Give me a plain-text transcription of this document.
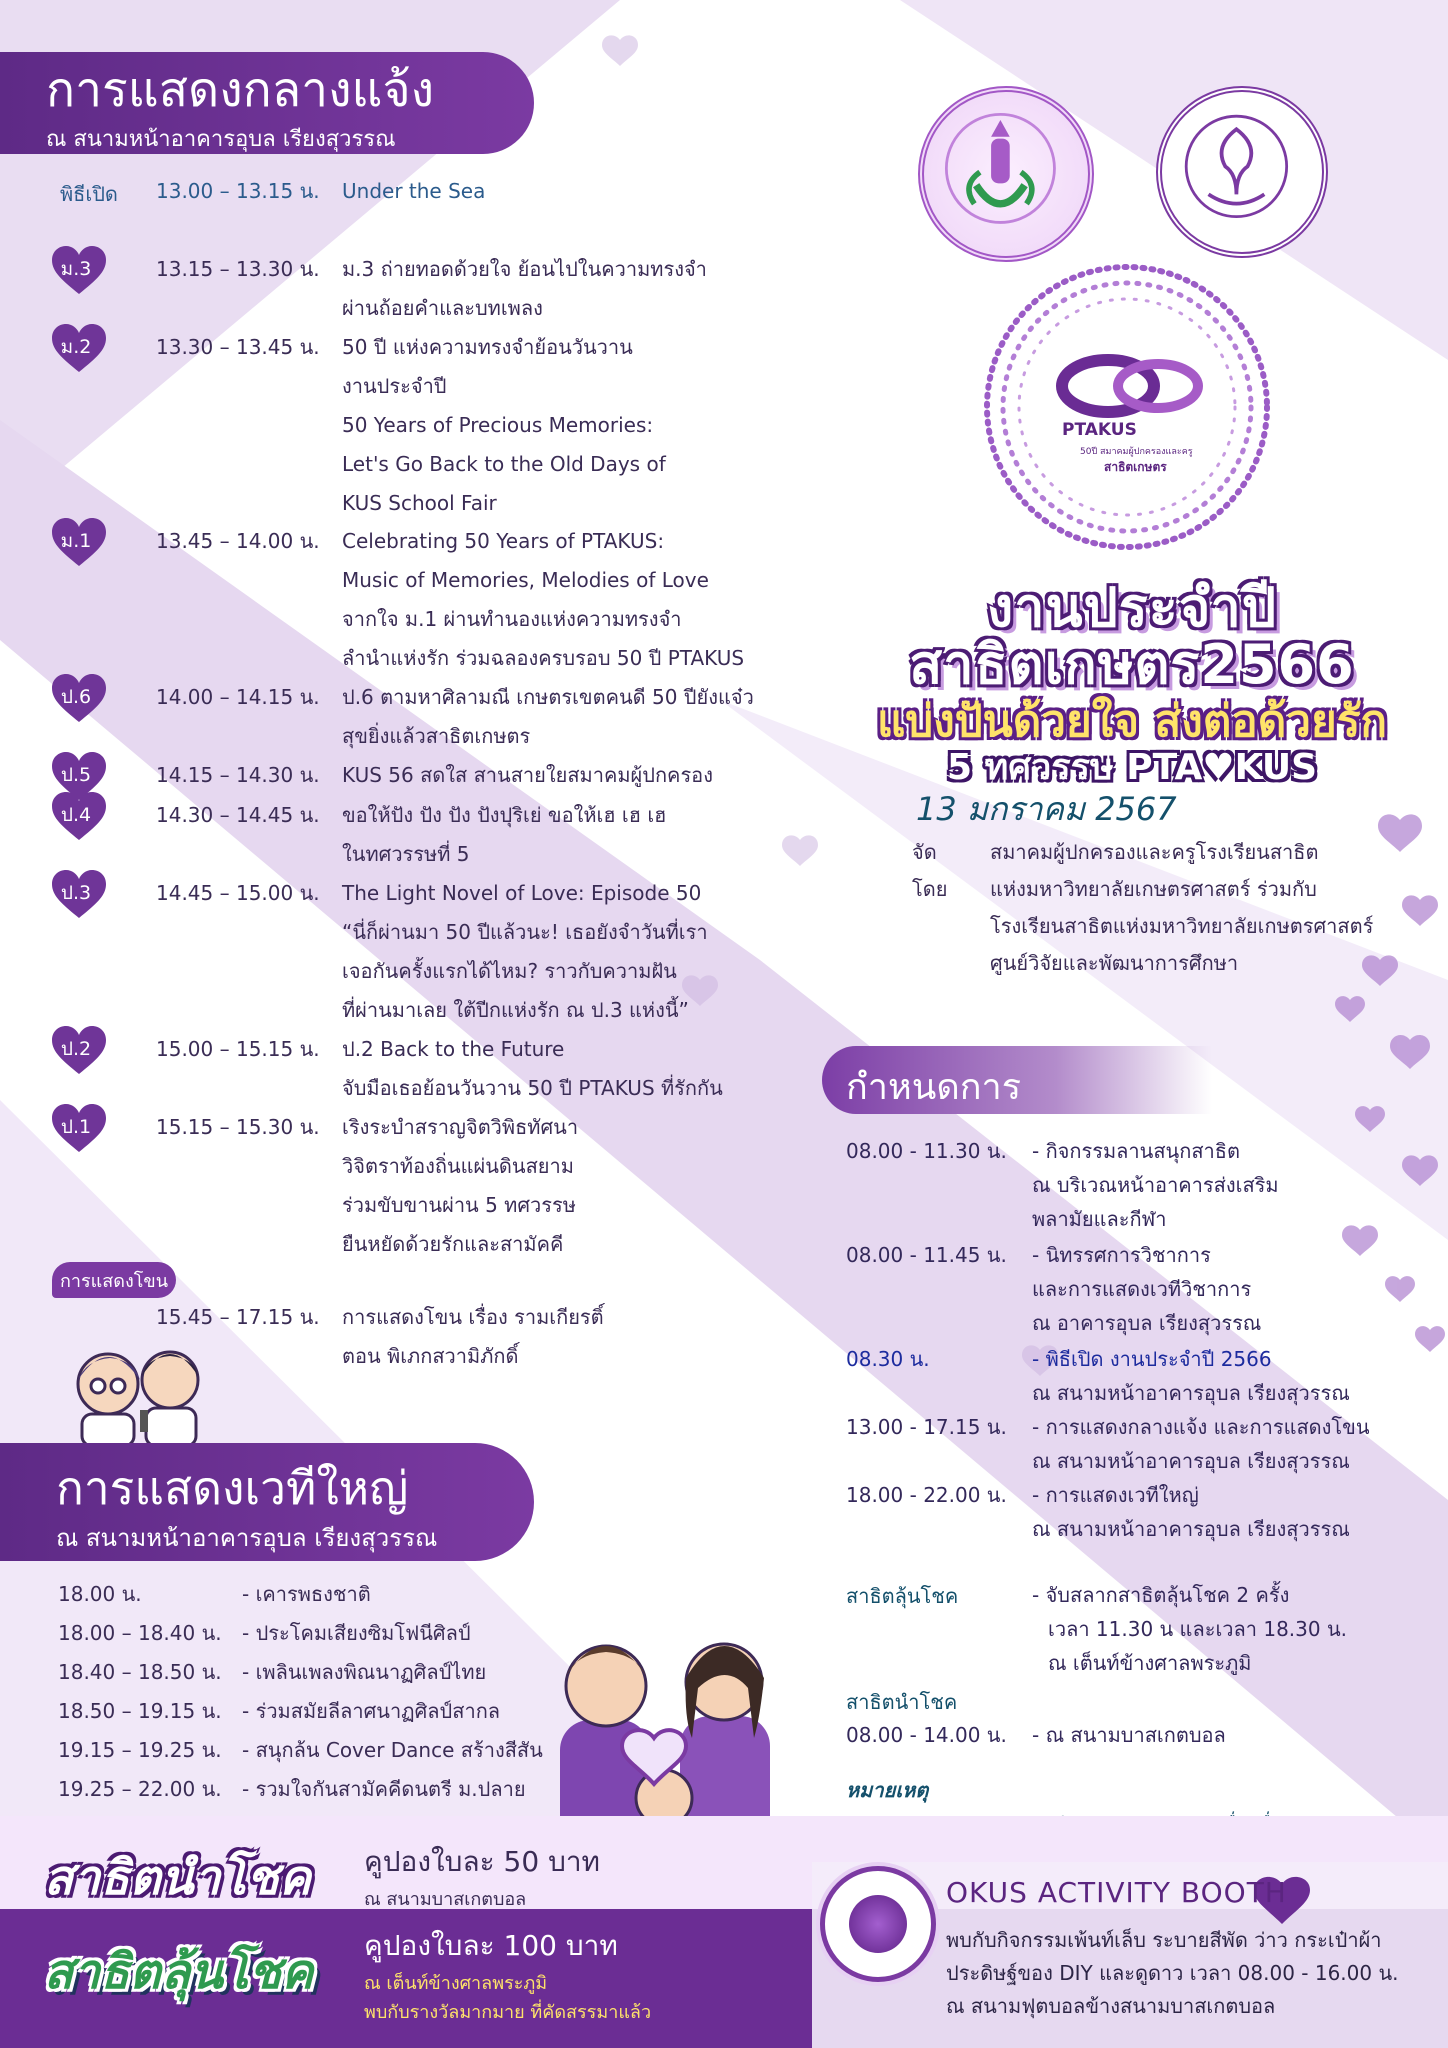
การแสดงกลางแจ้ง
ณ สนามหน้าอาคารอุบล เรียงสุวรรณ
พิธีเปิด 13.00 – 13.15 น. Under the Sea
ม.3	13.15 – 13.30 น. ม.3 ถ่ายทอดด้วยใจ ย้อนไปในความทรงจำ
ผ่านถ้อยคำและบทเพลง
ม.2	13.30 – 13.45 น. 50 ปี แห่งความทรงจำย้อนวันวาน
งานประจำปี
50 Years of Precious Memories:
Let's Go Back to the Old Days of
KUS School Fair
ม.1	13.45 – 14.00 น. Celebrating 50 Years of PTAKUS:
Music of Memories, Melodies of Love
จากใจ ม.1 ผ่านทำนองแห่งความทรงจำ
ลำนำแห่งรัก ร่วมฉลองครบรอบ 50 ปี PTAKUS
ป.6	14.00 – 14.15 น. ป.6 ตามหาศิลามณี เกษตรเขตคนดี 50 ปียังแจ๋ว
สุขยิ่งแล้วสาธิตเกษตร
ป.5	14.15 – 14.30 น. KUS 56 สดใส สานสายใยสมาคมผู้ปกครอง
ป.4	14.30 – 14.45 น. ขอให้ปัง ปัง ปัง ปังปุริเย่ ขอให้เฮ เฮ เฮ
ในทศวรรษที่ 5
ป.3	14.45 – 15.00 น. The Light Novel of Love: Episode 50
“นี่ก็ผ่านมา 50 ปีแล้วนะ! เธอยังจำวันที่เรา
เจอกันครั้งแรกได้ไหม? ราวกับความฝัน
ที่ผ่านมาเลย ใต้ปีกแห่งรัก ณ ป.3 แห่งนี้”
ป.2	15.00 – 15.15 น. ป.2 Back to the Future
จับมือเธอย้อนวันวาน 50 ปี PTAKUS ที่รักกัน
ป.1	15.15 – 15.30 น. เริงระบำสราญจิตวิพิธทัศนา
วิจิตราท้องถิ่นแผ่นดินสยาม
ร่วมขับขานผ่าน 5 ทศวรรษ
ยืนหยัดด้วยรักและสามัคคี
การแสดงโขน
15.45 – 17.15 น. การแสดงโขน เรื่อง รามเกียรติ์
ตอน พิเภกสวามิภักดิ์
การแสดงเวทีใหญ่
ณ สนามหน้าอาคารอุบล เรียงสุวรรณ
18.00 น.	- เคารพธงชาติ
18.00 – 18.40 น. - ประโคมเสียงซิมโฟนีศิลป์
18.40 – 18.50 น. - เพลินเพลงพิณนาฏศิลป์ไทย
18.50 – 19.15 น. - ร่วมสมัยลีลาศนาฏศิลป์สากล
19.15 – 19.25 น. - สนุกล้น Cover Dance สร้างสีสัน
19.25 – 22.00 น. - รวมใจกันสามัคคีดนตรี ม.ปลาย
PTAKUS
50ปี สมาคมผู้ปกครองและครู
สาธิตเกษตร
งานประจำปี
สาธิตเกษตร2566
แบ่งปันด้วยใจ ส่งต่อด้วยรัก
5 ทศวรรษ PTA♥KUS
13 มกราคม 2567
จัดโดย
สมาคมผู้ปกครองและครูโรงเรียนสาธิต
แห่งมหาวิทยาลัยเกษตรศาสตร์ ร่วมกับ
โรงเรียนสาธิตแห่งมหาวิทยาลัยเกษตรศาสตร์
ศูนย์วิจัยและพัฒนาการศึกษา
กำหนดการ
08.00 - 11.30 น. - กิจกรรมลานสนุกสาธิต
ณ บริเวณหน้าอาคารส่งเสริม
พลามัยและกีฬา
08.00 - 11.45 น. - นิทรรศการวิชาการ
และการแสดงเวทีวิชาการ
ณ อาคารอุบล เรียงสุวรรณ
08.30 น.	- พิธีเปิด งานประจำปี 2566
ณ สนามหน้าอาคารอุบล เรียงสุวรรณ
13.00 - 17.15 น. - การแสดงกลางแจ้ง และการแสดงโขน
ณ สนามหน้าอาคารอุบล เรียงสุวรรณ
18.00 - 22.00 น. - การแสดงเวทีใหญ่
ณ สนามหน้าอาคารอุบล เรียงสุวรรณ
สาธิตลุ้นโชค	- จับสลากสาธิตลุ้นโชค 2 ครั้ง
เวลา 11.30 น และเวลา 18.30 น.
ณ เต็นท์ข้างศาลพระภูมิ
สาธิตนำโชค
08.00 - 14.00 น. - ณ สนามบาสเกตบอล
หมายเหตุ
สาธิตนำโชค คูปองใบละ 50 บาท
ณ สนามบาสเกตบอล
สาธิตลุ้นโชค คูปองใบละ 100 บาท
ณ เต็นท์ข้างศาลพระภูมิ
พบกับรางวัลมากมาย ที่คัดสรรมาแล้ว
OKUS ACTIVITY BOOTH
พบกับกิจกรรมเพ้นท์เล็บ ระบายสีพัด ว่าว กระเป๋าผ้า
ประดิษฐ์ของ DIY และดูดาว เวลา 08.00 - 16.00 น.
ณ สนามฟุตบอลข้างสนามบาสเกตบอล
